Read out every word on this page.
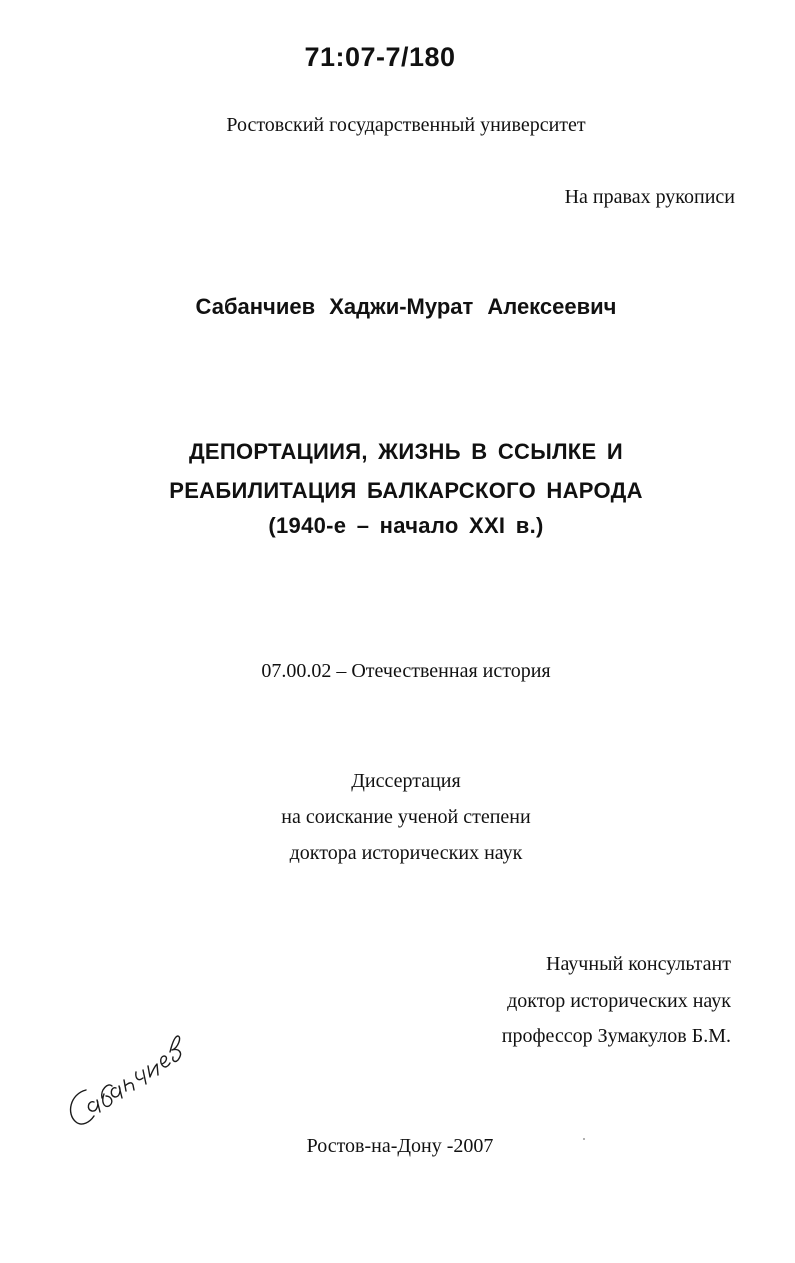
71:07-7/180
Ростовский государственный университет
На правах рукописи
Сабанчиев Хаджи-Мурат Алексеевич
ДЕПОРТАЦИИЯ, ЖИЗНЬ В ССЫЛКЕ И
РЕАБИЛИТАЦИЯ БАЛКАРСКОГО НАРОДА
(1940-е – начало XXI в.)
07.00.02 – Отечественная история
Диссертация
на соискание ученой степени
доктора исторических наук
Научный консультант
доктор исторических наук
профессор Зумакулов Б.М.
Ростов-на-Дону -2007
